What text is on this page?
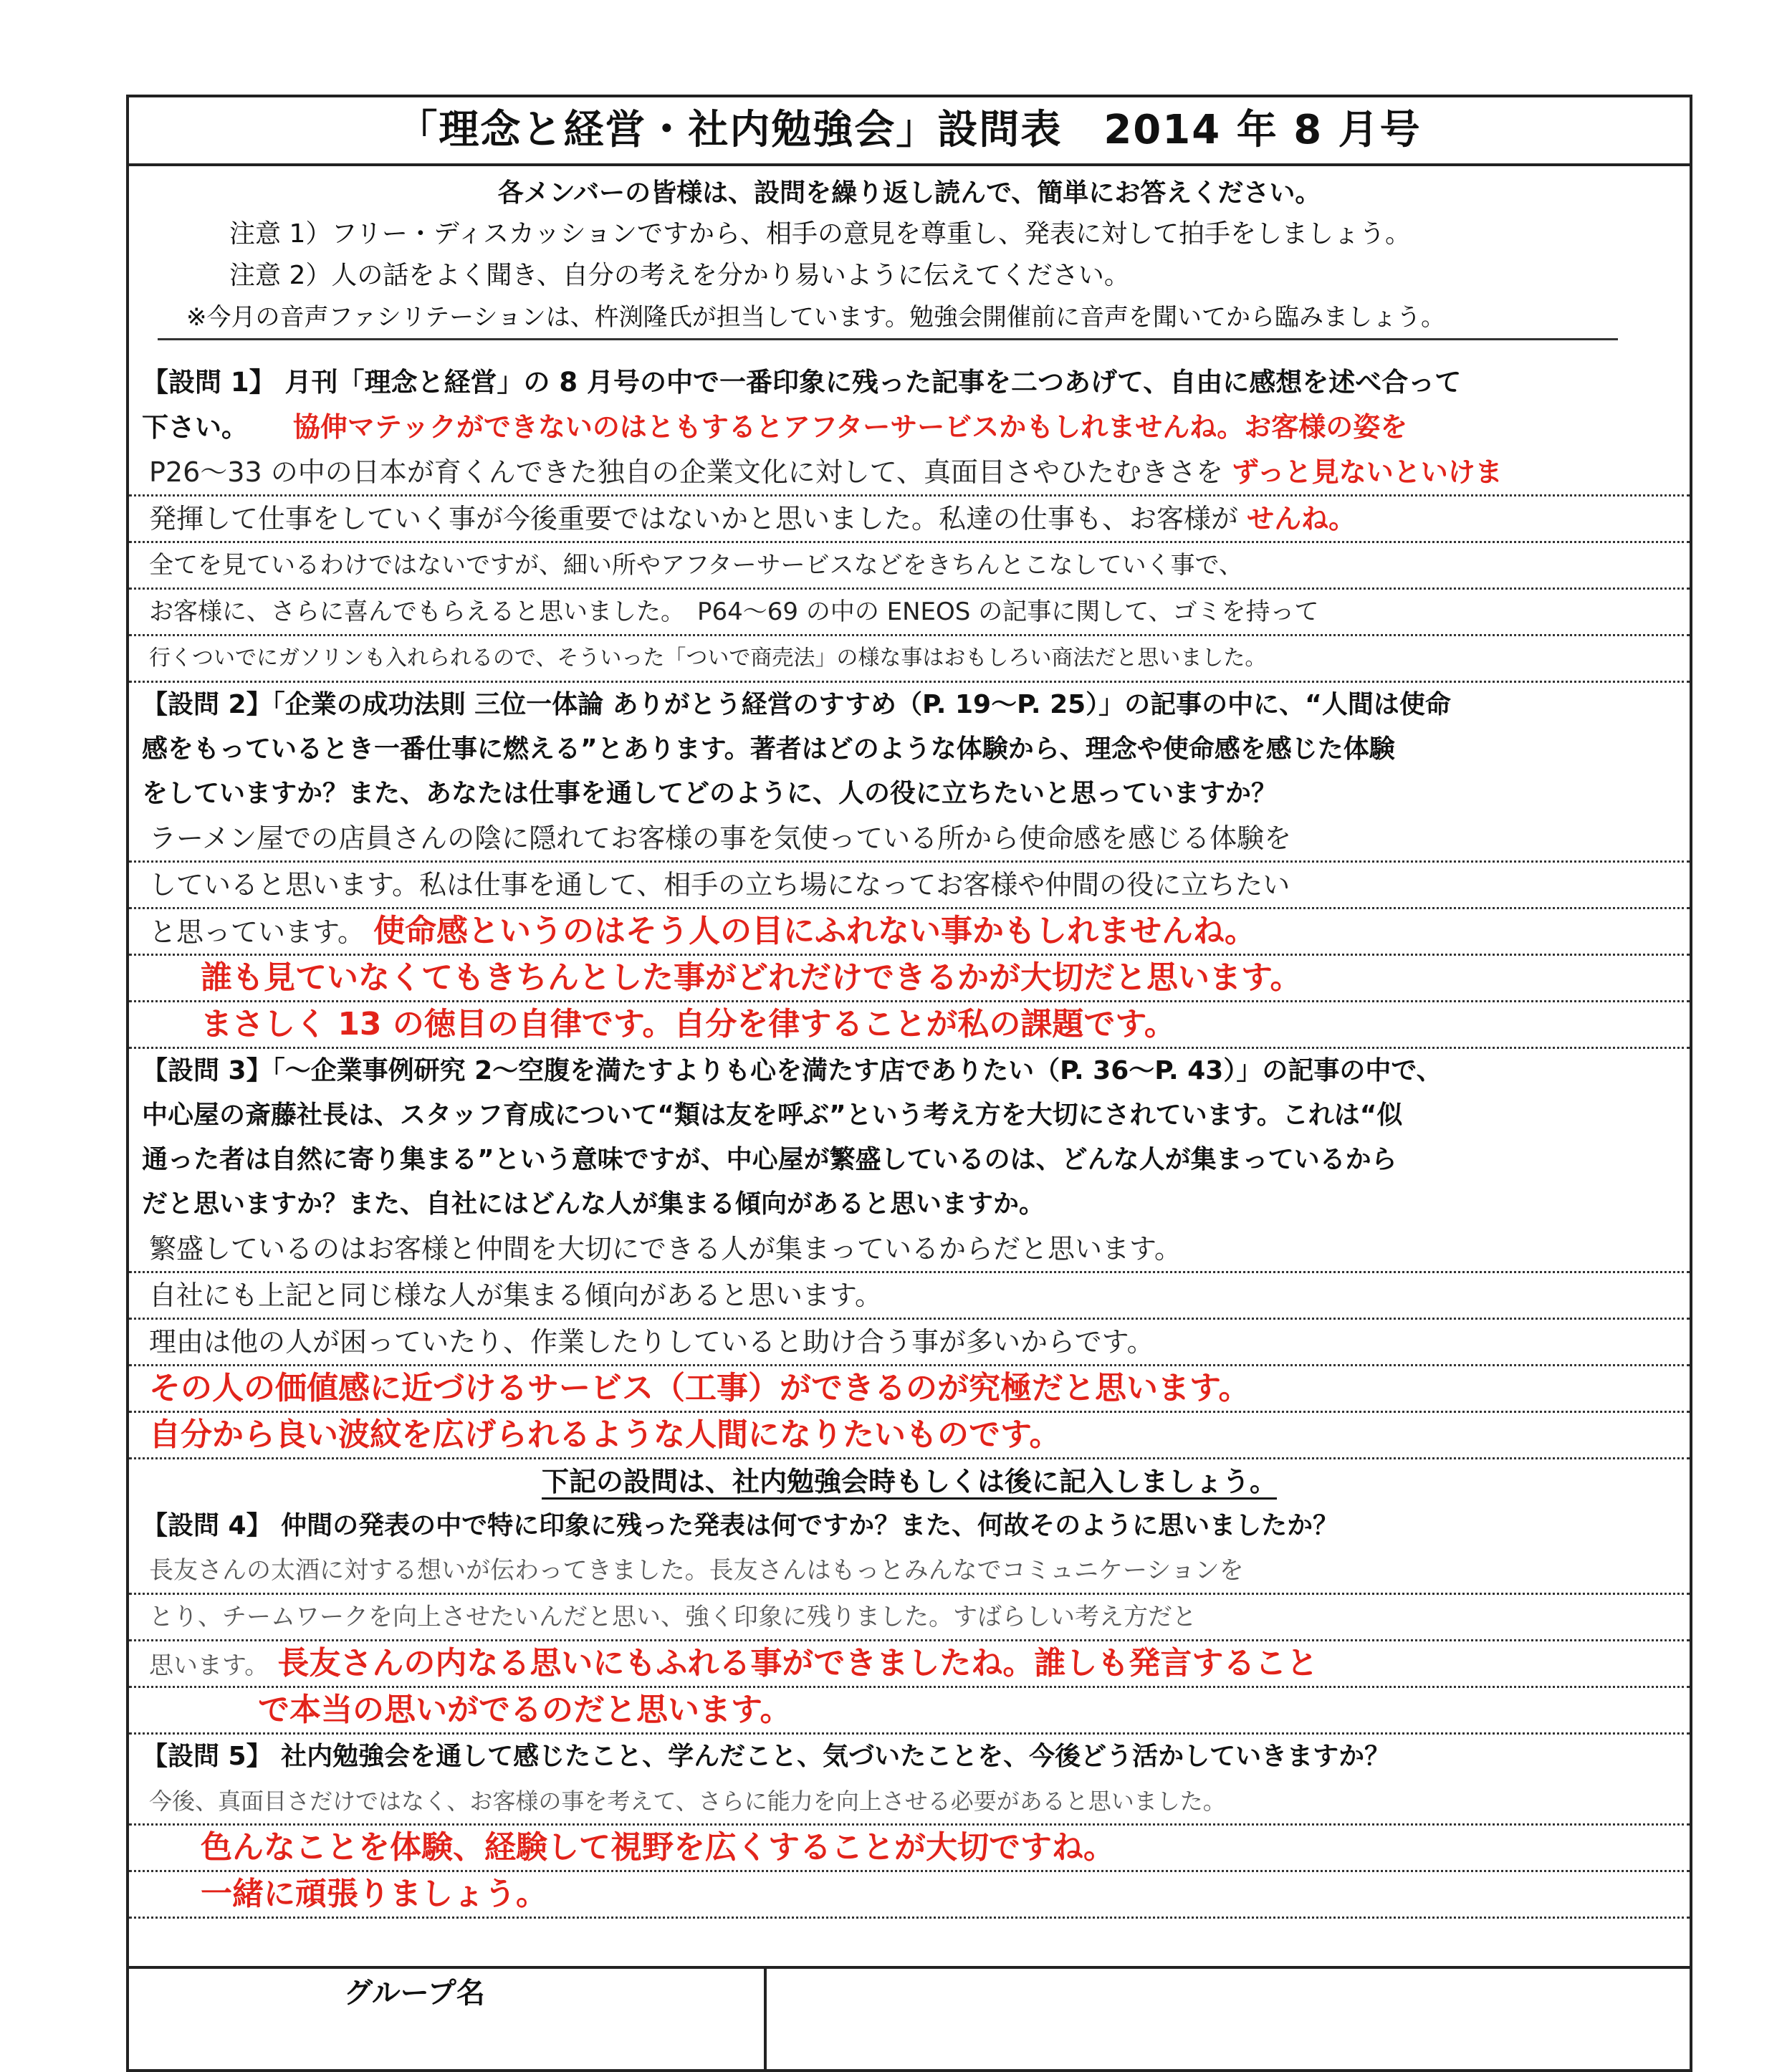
「理念と経営・社内勉強会」設問表　2014 年 8 月号
各メンバーの皆様は、設問を繰り返し読んで、簡単にお答えください。
注意 1）フリー・ディスカッションですから、相手の意見を尊重し、発表に対して拍手をしましょう。
注意 2）人の話をよく聞き、自分の考えを分かり易いように伝えてください。
※今月の音声ファシリテーションは、杵渕隆氏が担当しています。勉強会開催前に音声を聞いてから臨みましょう。
【設問 1】 月刊「理念と経営」の 8 月号の中で一番印象に残った記事を二つあげて、自由に感想を述べ合って
下さい。 協伸マテックができないのはともするとアフターサービスかもしれませんね。お客様の姿を
P26〜33 の中の日本が育くんできた独自の企業文化に対して、真面目さやひたむきさを ずっと見ないといけま
発揮して仕事をしていく事が今後重要ではないかと思いました。私達の仕事も、お客様が せんね。
全てを見ているわけではないですが、細い所やアフターサービスなどをきちんとこなしていく事で、
お客様に、さらに喜んでもらえると思いました。　P64〜69 の中の ENEOS の記事に関して、ゴミを持って
行くついでにガソリンも入れられるので、そういった「ついで商売法」の様な事はおもしろい商法だと思いました。
【設問 2】「企業の成功法則 三位一体論 ありがとう経営のすすめ（P. 19〜P. 25）」の記事の中に、“人間は使命
感をもっているとき一番仕事に燃える”とあります。著者はどのような体験から、理念や使命感を感じた体験
をしていますか？また、あなたは仕事を通してどのように、人の役に立ちたいと思っていますか？
ラーメン屋での店員さんの陰に隠れてお客様の事を気使っている所から使命感を感じる体験を
していると思います。私は仕事を通して、相手の立ち場になってお客様や仲間の役に立ちたい
と思っています。 使命感というのはそう人の目にふれない事かもしれませんね。
誰も見ていなくてもきちんとした事がどれだけできるかが大切だと思います。
まさしく 13 の徳目の自律です。自分を律することが私の課題です。
【設問 3】「〜企業事例研究 2〜空腹を満たすよりも心を満たす店でありたい（P. 36〜P. 43）」の記事の中で、
中心屋の斎藤社長は、スタッフ育成について“類は友を呼ぶ”という考え方を大切にされています。これは“似
通った者は自然に寄り集まる”という意味ですが、中心屋が繁盛しているのは、どんな人が集まっているから
だと思いますか？また、自社にはどんな人が集まる傾向があると思いますか。
繁盛しているのはお客様と仲間を大切にできる人が集まっているからだと思います。
自社にも上記と同じ様な人が集まる傾向があると思います。
理由は他の人が困っていたり、作業したりしていると助け合う事が多いからです。
その人の価値感に近づけるサービス（工事）ができるのが究極だと思います。
自分から良い波紋を広げられるような人間になりたいものです。
下記の設問は、社内勉強会時もしくは後に記入しましょう。
【設問 4】 仲間の発表の中で特に印象に残った発表は何ですか？また、何故そのように思いましたか？
長友さんの太酒に対する想いが伝わってきました。長友さんはもっとみんなでコミュニケーションを
とり、チームワークを向上させたいんだと思い、強く印象に残りました。すばらしい考え方だと
思います。 長友さんの内なる思いにもふれる事ができましたね。誰しも発言すること
で本当の思いがでるのだと思います。
【設問 5】 社内勉強会を通して感じたこと、学んだこと、気づいたことを、今後どう活かしていきますか？
今後、真面目さだけではなく、お客様の事を考えて、さらに能力を向上させる必要があると思いました。
色んなことを体験、経験して視野を広くすることが大切ですね。
一緒に頑張りましょう。
グループ名
